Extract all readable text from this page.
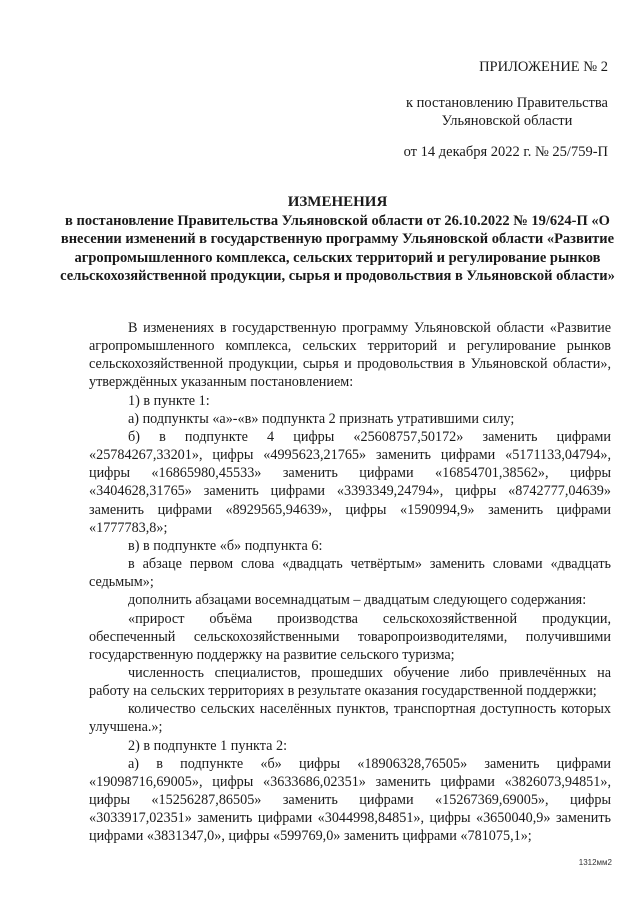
ПРИЛОЖЕНИЕ № 2
к постановлению Правительства
Ульяновской области
от 14 декабря 2022 г. № 25/759-П
ИЗМЕНЕНИЯ
в постановление Правительства Ульяновской области от 26.10.2022 № 19/624-П «О внесении изменений в государственную программу Ульяновской области «Развитие агропромышленного комплекса, сельских территорий и регулирование рынков сельскохозяйственной продукции, сырья и продовольствия в Ульяновской области»

В изменениях в государственную программу Ульяновской области «Развитие агропромышленного комплекса, сельских территорий и регулирование рынков сельскохозяйственной продукции, сырья и продовольствия в Ульяновской области», утверждённых указанным постановлением:

1) в пункте 1:

а) подпункты «а»-«в» подпункта 2 признать утратившими силу;

б) в подпункте 4 цифры «25608757,50172» заменить цифрами «25784267,33201», цифры «4995623,21765» заменить цифрами «5171133,04794», цифры «16865980,45533» заменить цифрами «16854701,38562», цифры «3404628,31765» заменить цифрами «3393349,24794», цифры «8742777,04639» заменить цифрами «8929565,94639», цифры «1590994,9» заменить цифрами «1777783,8»;

в) в подпункте «б» подпункта 6:

в абзаце первом слова «двадцать четвёртым» заменить словами «двадцать седьмым»;

дополнить абзацами восемнадцатым – двадцатым следующего содержания:

«прирост объёма производства сельскохозяйственной продукции, обеспеченный сельскохозяйственными товаропроизводителями, получившими государственную поддержку на развитие сельского туризма;

численность специалистов, прошедших обучение либо привлечённых на работу на сельских территориях в результате оказания государственной поддержки;

количество сельских населённых пунктов, транспортная доступность которых улучшена.»;

2) в подпункте 1 пункта 2:

а) в подпункте «б» цифры «18906328,76505» заменить цифрами «19098716,69005», цифры «3633686,02351» заменить цифрами «3826073,94851», цифры «15256287,86505» заменить цифрами «15267369,69005», цифры «3033917,02351» заменить цифрами «3044998,84851», цифры «3650040,9» заменить цифрами «3831347,0», цифры «599769,0» заменить цифрами «781075,1»;

1312мм2
